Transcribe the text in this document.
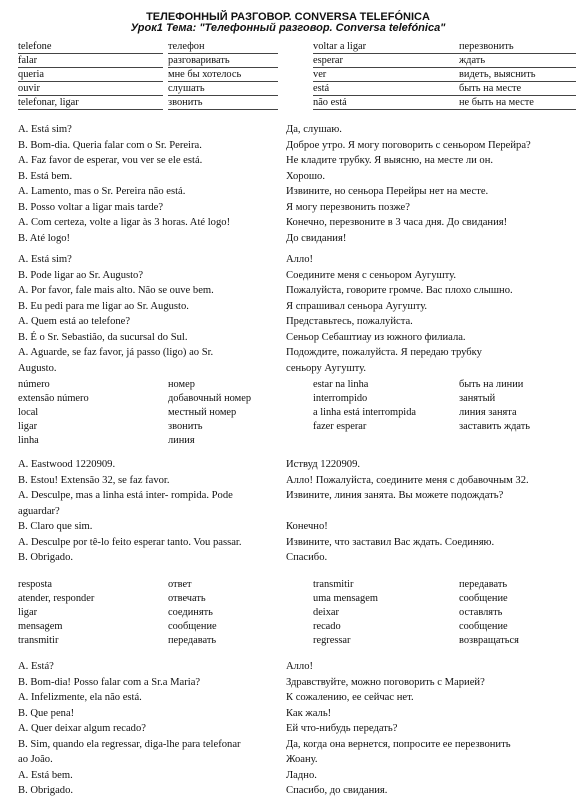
ТЕЛЕФОННЫЙ РАЗГОВОР. CONVERSA TELEFÓNICA
Урок1 Тема: "Телефонный разговор. Conversa telefónica"
telefone	телефон	voltar a ligar	перезвонить
falar	разговаривать	esperar	ждать
queria	мне бы хотелось	ver	видеть, выяснить
ouvir	слушать	está	быть на месте
telefonar, ligar	звонить	não está	не быть на месте
A. Está sim?	Да, слушаю.
B. Bom-dia. Queria falar com o Sr. Pereira.	Доброе утро. Я могу поговорить с сеньором Перейра?
A. Faz favor de esperar, vou ver se ele está.	Не кладите трубку. Я выясню, на месте ли он.
B. Está bem.	Хорошо.
A. Lamento, mas o Sr. Pereira não está.	Извините, но сеньора Перейры нет на месте.
B. Posso voltar a ligar mais tarde?	Я могу перезвонить позже?
A. Com certeza, volte a ligar às 3 horas. Até logo!	Конечно, перезвоните в 3 часа дня. До свидания!
B. Até logo!	До свидания!
A. Está sim?	Алло!
B. Pode ligar ao Sr. Augusto?	Соедините меня с сеньором Аугушту.
A. Por favor, fale mais alto. Não se ouve bem.	Пожалуйста, говорите громче. Вас плохо слышно.
B. Eu pedi para me ligar ao Sr. Augusto.	Я спрашивал сеньора Аугушту.
A. Quem está ao telefone?	Представьтесь, пожалуйста.
B. É o Sr. Sebastião, da sucursal do Sul.	Сеньор Себаштиау из южного филиала.
A. Aguarde, se faz favor, já passo (ligo) ao Sr.	Подождите, пожалуйста. Я передаю трубку
Augusto.	сеньору Аугушту.
número	номер	estar na linha	быть на линии
extensão número	добавочный номер	interrompido	занятый
local	местный номер	a linha está interrompida	линия занята
ligar	звонить	fazer esperar	заставить ждать
linha	линия
A. Eastwood 1220909.	Иствуд 1220909.
B. Estou! Extensão 32, se faz favor.	Алло! Пожалуйста, соедините меня с добавочным 32.
A. Desculpe, mas a linha está inter- rompida. Pode	Извините, линия занята. Вы можете подождать?
aguardar?
B. Claro que sim.	Конечно!
A. Desculpe por tê-lo feito esperar tanto. Vou passar.	Извините, что заставил Вас ждать. Соединяю.
B. Obrigado.	Спасибо.
resposta	ответ	transmitir	передавать
atender, responder	отвечать	uma mensagem	сообщение
ligar	соединять	deixar	оставлять
mensagem	сообщение	recado	сообщение
transmitir	передавать	regressar	возвращаться
A. Está?	Алло!
B. Bom-dia! Posso falar com a Sr.a Maria?	Здравствуйте, можно поговорить с Марией?
A. Infelizmente, ela não está.	К сожалению, ее сейчас нет.
B. Que pena!	Как жаль!
A. Quer deixar algum recado?	Ей что-нибудь передать?
B. Sim, quando ela regressar, diga-lhe para telefonar	Да, когда она вернется, попросите ее перезвонить
ao João.	Жоану.
A. Está bem.	Ладно.
B. Obrigado.	Спасибо, до свидания.
